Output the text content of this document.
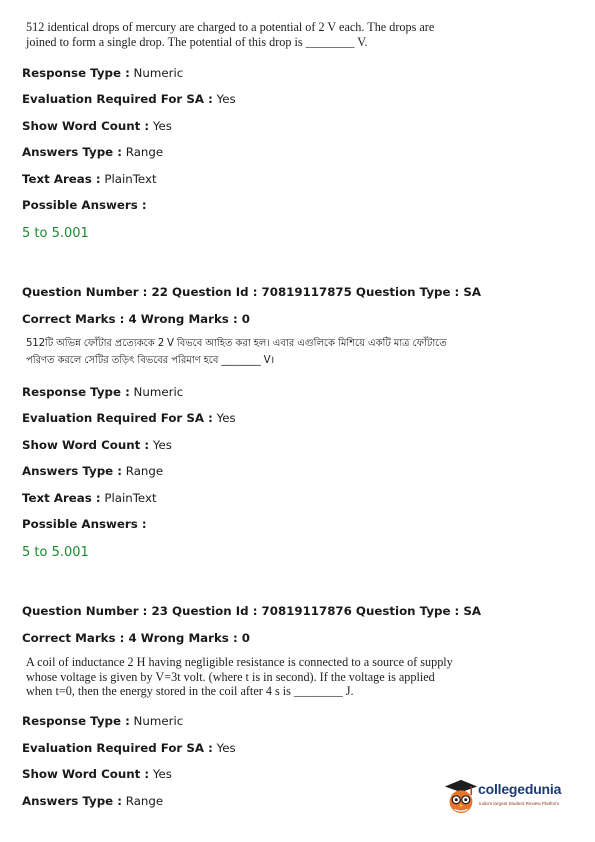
512 identical drops of mercury are charged to a potential of 2 V each. The drops are joined to form a single drop. The potential of this drop is ________ V.
Response Type : Numeric
Evaluation Required For SA : Yes
Show Word Count : Yes
Answers Type : Range
Text Areas : PlainText
Possible Answers :
5 to 5.001
Question Number : 22 Question Id : 70819117875 Question Type : SA
Correct Marks : 4 Wrong Marks : 0
512টি অভিন্ন ফোঁটার প্রত্যেককে 2 V বিভবে আহিত করা হল। এবার এগুলিকে মিশিয়ে একটি মাত্র ফোঁটাতে পরিণত করলে সেটির তড়িৎ বিভবের পরিমাণ হবে ________ V।
Response Type : Numeric
Evaluation Required For SA : Yes
Show Word Count : Yes
Answers Type : Range
Text Areas : PlainText
Possible Answers :
5 to 5.001
Question Number : 23 Question Id : 70819117876 Question Type : SA
Correct Marks : 4 Wrong Marks : 0
A coil of inductance 2 H having negligible resistance is connected to a source of supply whose voltage is given by V=3t volt. (where t is in second). If the voltage is applied when t=0, then the energy stored in the coil after 4 s is ________ J.
Response Type : Numeric
Evaluation Required For SA : Yes
Show Word Count : Yes
Answers Type : Range
collegedunia
India's largest Student Review Platform
